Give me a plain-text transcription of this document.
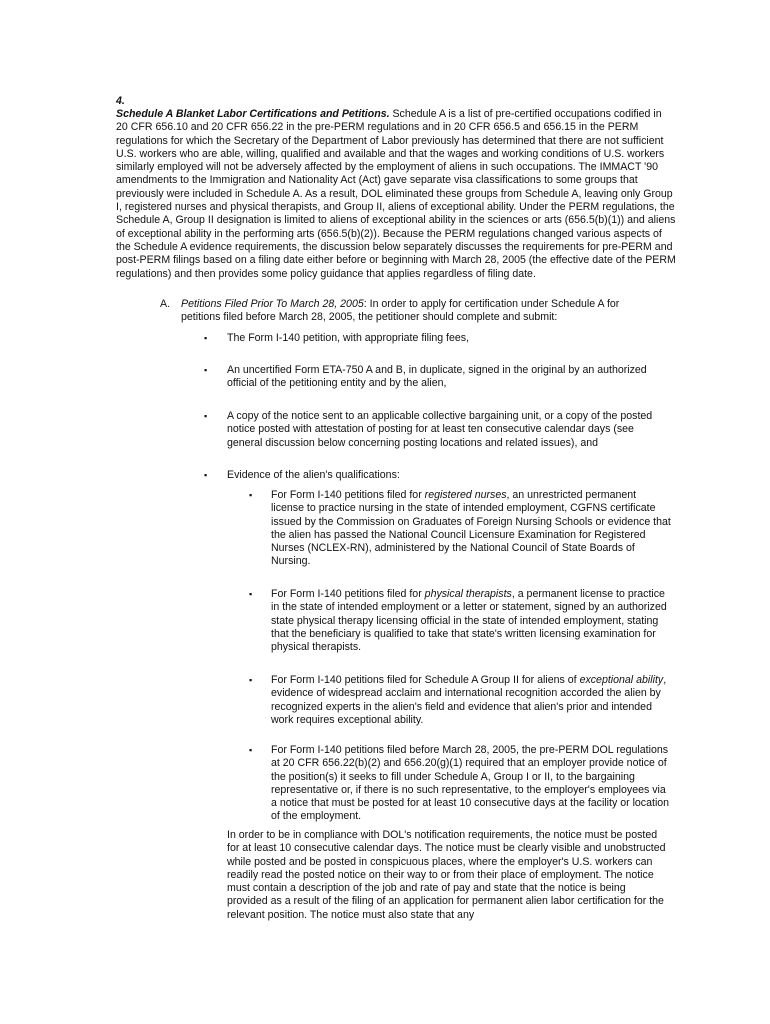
4.

Schedule A Blanket Labor Certifications and Petitions. Schedule A is a list of pre-certified occupations codified in 20 CFR 656.10 and 20 CFR 656.22 in the pre-PERM regulations and in 20 CFR 656.5 and 656.15 in the PERM regulations for which the Secretary of the Department of Labor previously has determined that there are not sufficient U.S. workers who are able, willing, qualified and available and that the wages and working conditions of U.S. workers similarly employed will not be adversely affected by the employment of aliens in such occupations. The IMMACT '90 amendments to the Immigration and Nationality Act (Act) gave separate visa classifications to some groups that previously were included in Schedule A. As a result, DOL eliminated these groups from Schedule A, leaving only Group I, registered nurses and physical therapists, and Group II, aliens of exceptional ability. Under the PERM regulations, the Schedule A, Group II designation is limited to aliens of exceptional ability in the sciences or arts (656.5(b)(1)) and aliens of exceptional ability in the performing arts (656.5(b)(2)). Because the PERM regulations changed various aspects of the Schedule A evidence requirements, the discussion below separately discusses the requirements for pre-PERM and post-PERM filings based on a filing date either before or beginning with March 28, 2005 (the effective date of the PERM regulations) and then provides some policy guidance that applies regardless of filing date.

A. Petitions Filed Prior To March 28, 2005: In order to apply for certification under Schedule A for petitions filed before March 28, 2005, the petitioner should complete and submit:

▪ The Form I-140 petition, with appropriate filing fees,

▪ An uncertified Form ETA-750 A and B, in duplicate, signed in the original by an authorized official of the petitioning entity and by the alien,

▪ A copy of the notice sent to an applicable collective bargaining unit, or a copy of the posted notice posted with attestation of posting for at least ten consecutive calendar days (see general discussion below concerning posting locations and related issues), and

▪ Evidence of the alien's qualifications:

▪ For Form I-140 petitions filed for registered nurses, an unrestricted permanent license to practice nursing in the state of intended employment, CGFNS certificate issued by the Commission on Graduates of Foreign Nursing Schools or evidence that the alien has passed the National Council Licensure Examination for Registered Nurses (NCLEX-RN), administered by the National Council of State Boards of Nursing.

▪ For Form I-140 petitions filed for physical therapists, a permanent license to practice in the state of intended employment or a letter or statement, signed by an authorized state physical therapy licensing official in the state of intended employment, stating that the beneficiary is qualified to take that state's written licensing examination for physical therapists.

▪ For Form I-140 petitions filed for Schedule A Group II for aliens of exceptional ability, evidence of widespread acclaim and international recognition accorded the alien by recognized experts in the alien's field and evidence that alien's prior and intended work requires exceptional ability.

▪ For Form I-140 petitions filed before March 28, 2005, the pre-PERM DOL regulations at 20 CFR 656.22(b)(2) and 656.20(g)(1) required that an employer provide notice of the position(s) it seeks to fill under Schedule A, Group I or II, to the bargaining representative or, if there is no such representative, to the employer's employees via a notice that must be posted for at least 10 consecutive days at the facility or location of the employment.

In order to be in compliance with DOL's notification requirements, the notice must be posted for at least 10 consecutive calendar days. The notice must be clearly visible and unobstructed while posted and be posted in conspicuous places, where the employer's U.S. workers can readily read the posted notice on their way to or from their place of employment. The notice must contain a description of the job and rate of pay and state that the notice is being provided as a result of the filing of an application for permanent alien labor certification for the relevant position. The notice must also state that any
